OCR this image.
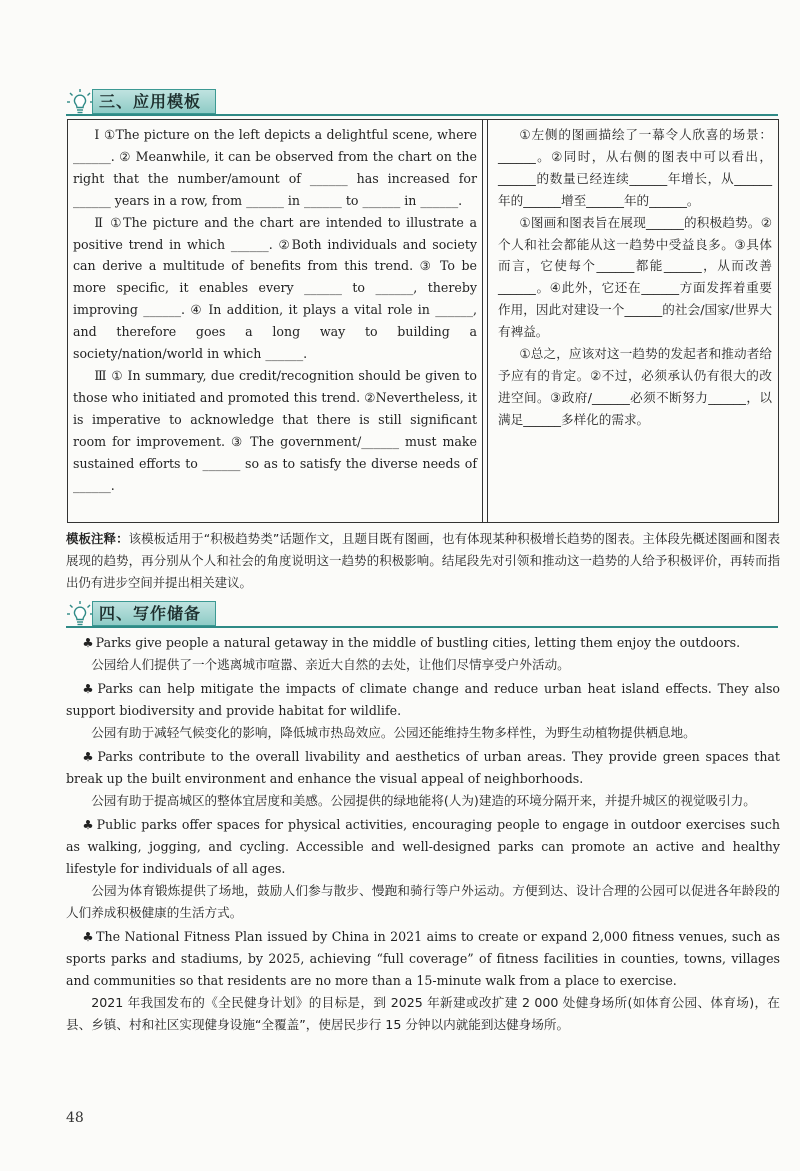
三、应用模板

Ⅰ ①The picture on the left depicts a delightful scene, where ______. ② Meanwhile, it can be observed from the chart on the right that the number/amount of ______ has increased for ______ years in a row, from ______ in ______ to ______ in ______.

Ⅱ ①The picture and the chart are intended to illustrate a positive trend in which ______. ②Both individuals and society can derive a multitude of benefits from this trend. ③ To be more specific, it enables every ______ to ______, thereby improving ______. ④ In addition, it plays a vital role in ______, and therefore goes a long way to building a society/nation/world in which ______.

Ⅲ ① In summary, due credit/recognition should be given to those who initiated and promoted this trend. ②Nevertheless, it is imperative to acknowledge that there is still significant room for improvement. ③ The government/______ must make sustained efforts to ______ so as to satisfy the diverse needs of ______.

①左侧的图画描绘了一幕令人欣喜的场景：______。②同时，从右侧的图表中可以看出，______的数量已经连续______年增长，从______年的______增至______年的______。

①图画和图表旨在展现______的积极趋势。②个人和社会都能从这一趋势中受益良多。③具体而言，它使每个______都能______，从而改善______。④此外，它还在______方面发挥着重要作用，因此对建设一个______的社会/国家/世界大有裨益。

①总之，应该对这一趋势的发起者和推动者给予应有的肯定。②不过，必须承认仍有很大的改进空间。③政府/______必须不断努力______，以满足______多样化的需求。

模板注释：该模板适用于“积极趋势类”话题作文，且题目既有图画，也有体现某种积极增长趋势的图表。主体段先概述图画和图表展现的趋势，再分别从个人和社会的角度说明这一趋势的积极影响。结尾段先对引领和推动这一趋势的人给予积极评价，再转而指出仍有进步空间并提出相关建议。
四、写作储备

♣ Parks give people a natural getaway in the middle of bustling cities, letting them enjoy the outdoors.

公园给人们提供了一个逃离城市喧嚣、亲近大自然的去处，让他们尽情享受户外活动。

♣ Parks can help mitigate the impacts of climate change and reduce urban heat island effects. They also support biodiversity and provide habitat for wildlife.

公园有助于减轻气候变化的影响，降低城市热岛效应。公园还能维持生物多样性，为野生动植物提供栖息地。

♣ Parks contribute to the overall livability and aesthetics of urban areas. They provide green spaces that break up the built environment and enhance the visual appeal of neighborhoods.

公园有助于提高城区的整体宜居度和美感。公园提供的绿地能将(人为)建造的环境分隔开来，并提升城区的视觉吸引力。

♣ Public parks offer spaces for physical activities, encouraging people to engage in outdoor exercises such as walking, jogging, and cycling. Accessible and well-designed parks can promote an active and healthy lifestyle for individuals of all ages.

公园为体育锻炼提供了场地，鼓励人们参与散步、慢跑和骑行等户外运动。方便到达、设计合理的公园可以促进各年龄段的人们养成积极健康的生活方式。

♣ The National Fitness Plan issued by China in 2021 aims to create or expand 2,000 fitness venues, such as sports parks and stadiums, by 2025, achieving “full coverage” of fitness facilities in counties, towns, villages and communities so that residents are no more than a 15-minute walk from a place to exercise.

2021 年我国发布的《全民健身计划》的目标是，到 2025 年新建或改扩建 2 000 处健身场所(如体育公园、体育场)，在县、乡镇、村和社区实现健身设施“全覆盖”，使居民步行 15 分钟以内就能到达健身场所。

48
